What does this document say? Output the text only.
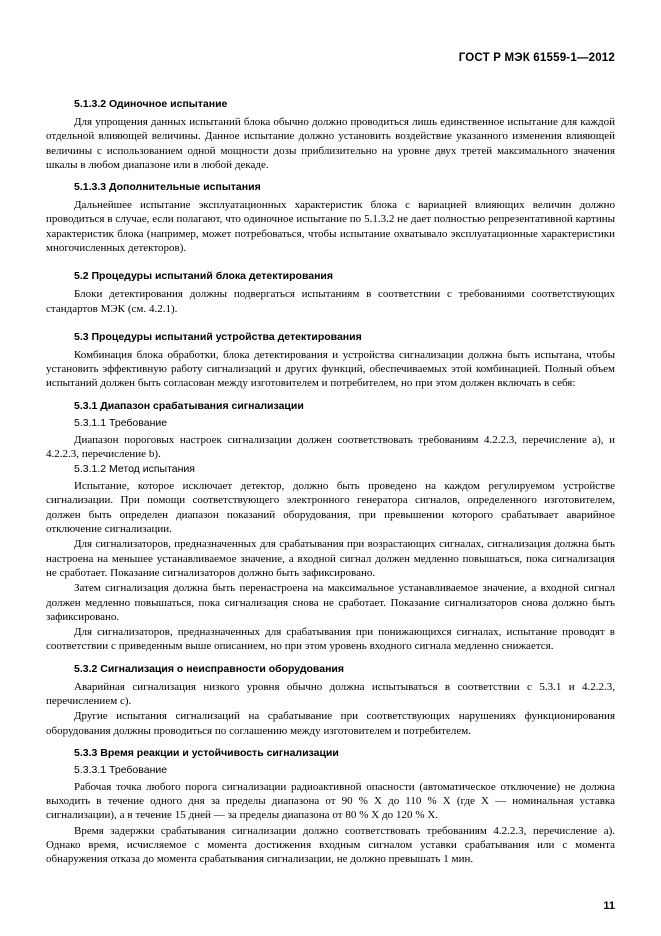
ГОСТ Р МЭК 61559-1—2012
5.1.3.2 Одиночное испытание

Для упрощения данных испытаний блока обычно должно проводиться лишь единственное испытание для каждой отдельной влияющей величины. Данное испытание должно установить воздействие указанного изменения влияющей величины с использованием одной мощности дозы приблизительно на уровне двух третей максимального значения шкалы в любом диапазоне или в любой декаде.

5.1.3.3 Дополнительные испытания

Дальнейшее испытание эксплуатационных характеристик блока с вариацией влияющих величин должно проводиться в случае, если полагают, что одиночное испытание по 5.1.3.2 не дает полностью репрезентативной картины характеристик блока (например, может потребоваться, чтобы испытание охватывало эксплуатационные характеристики многочисленных детекторов).

5.2 Процедуры испытаний блока детектирования

Блоки детектирования должны подвергаться испытаниям в соответствии с требованиями соответствующих стандартов МЭК (см. 4.2.1).

5.3 Процедуры испытаний устройства детектирования

Комбинация блока обработки, блока детектирования и устройства сигнализации должна быть испытана, чтобы установить эффективную работу сигнализаций и других функций, обеспечиваемых этой комбинацией. Полный объем испытаний должен быть согласован между изготовителем и потребителем, но при этом должен включать в себя:

5.3.1 Диапазон срабатывания сигнализации
5.3.1.1 Требование

Диапазон пороговых настроек сигнализации должен соответствовать требованиям 4.2.2.3, перечисление a), и 4.2.2.3, перечисление b).

5.3.1.2 Метод испытания

Испытание, которое исключает детектор, должно быть проведено на каждом регулируемом устройстве сигнализации. При помощи соответствующего электронного генератора сигналов, определенного изготовителем, должен быть определен диапазон показаний оборудования, при превышении которого срабатывает аварийное отключение сигнализации.

Для сигнализаторов, предназначенных для срабатывания при возрастающих сигналах, сигнализация должна быть настроена на меньшее устанавливаемое значение, а входной сигнал должен медленно повышаться, пока сигнализация не сработает. Показание сигнализаторов должно быть зафиксировано.

Затем сигнализация должна быть перенастроена на максимальное устанавливаемое значение, а входной сигнал должен медленно повышаться, пока сигнализация снова не сработает. Показание сигнализаторов снова должно быть зафиксировано.

Для сигнализаторов, предназначенных для срабатывания при понижающихся сигналах, испытание проводят в соответствии с приведенным выше описанием, но при этом уровень входного сигнала медленно снижается.

5.3.2 Сигнализация о неисправности оборудования

Аварийная сигнализация низкого уровня обычно должна испытываться в соответствии с 5.3.1 и 4.2.2.3, перечислением c).

Другие испытания сигнализаций на срабатывание при соответствующих нарушениях функционирования оборудования должны проводиться по соглашению между изготовителем и потребителем.

5.3.3 Время реакции и устойчивость сигнализации
5.3.3.1 Требование

Рабочая точка любого порога сигнализации радиоактивной опасности (автоматическое отключение) не должна выходить в течение одного дня за пределы диапазона от 90 % X до 110 % X (где X — номинальная уставка сигнализации), а в течение 15 дней — за пределы диапазона от 80 % X до 120 % X.

Время задержки срабатывания сигнализации должно соответствовать требованиям 4.2.2.3, перечисление a). Однако время, исчисляемое с момента достижения входным сигналом уставки срабатывания или с момента обнаружения отказа до момента срабатывания сигнализации, не должно превышать 1 мин.

11
